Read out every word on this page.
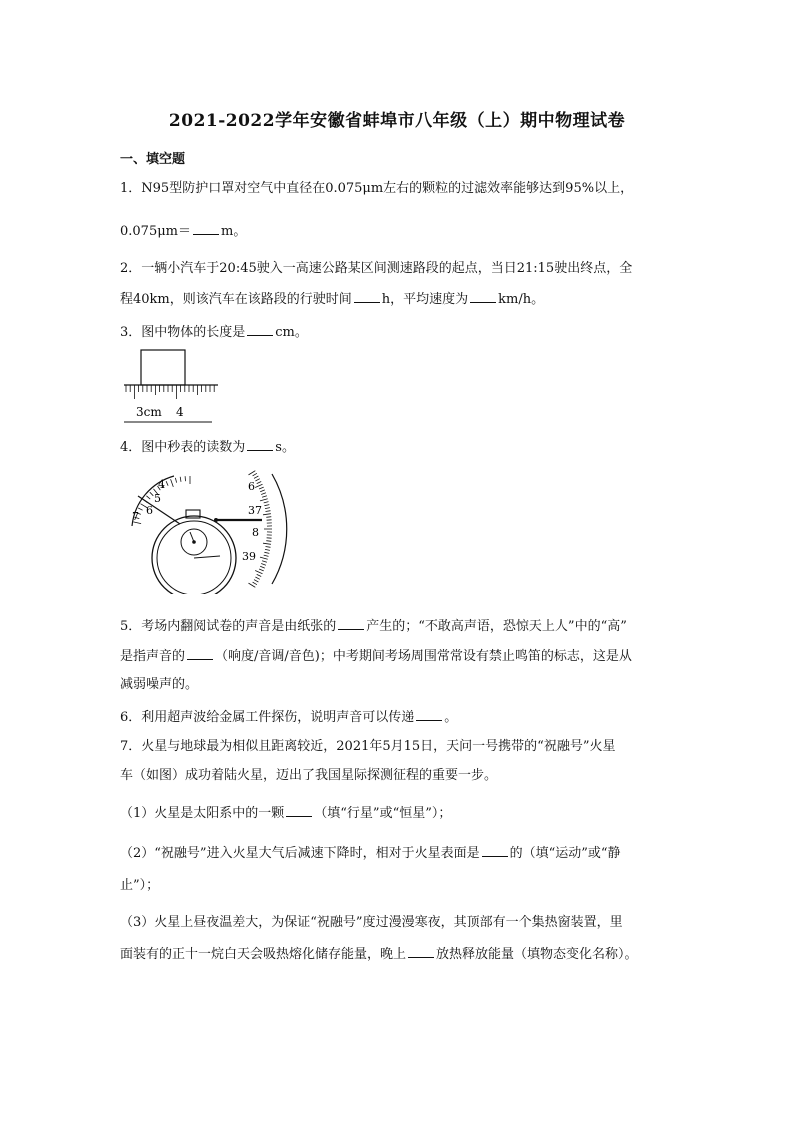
2021-2022学年安徽省蚌埠市八年级（上）期中物理试卷
一、填空题
1．N95型防护口罩对空气中直径在0.075μm左右的颗粒的过滤效率能够达到95%以上，
0.075μm＝ m。
2．一辆小汽车于20:45驶入一高速公路某区间测速路段的起点，当日21:15驶出终点，全
程40km，则该汽车在该路段的行驶时间 h，平均速度为 km/h。
3．图中物体的长度是 cm。
3cm 4
4．图中秒表的读数为 s。
4
5
6
7
6
37
8
39
5．考场内翻阅试卷的声音是由纸张的 产生的；“不敢高声语，恐惊天上人”中的“高”
是指声音的 （响度/音调/音色)；中考期间考场周围常常设有禁止鸣笛的标志，这是从
减弱噪声的。
6．利用超声波给金属工件探伤，说明声音可以传递 。
7．火星与地球最为相似且距离较近，2021年5月15日，天问一号携带的“祝融号”火星
车（如图）成功着陆火星，迈出了我国星际探测征程的重要一步。
（1）火星是太阳系中的一颗 （填“行星”或“恒星”）；
（2）“祝融号”进入火星大气后减速下降时，相对于火星表面是 的（填“运动”或“静
止”）；
（3）火星上昼夜温差大，为保证“祝融号”度过漫漫寒夜，其顶部有一个集热窗装置，里
面装有的正十一烷白天会吸热熔化储存能量，晚上 放热释放能量（填物态变化名称）。
